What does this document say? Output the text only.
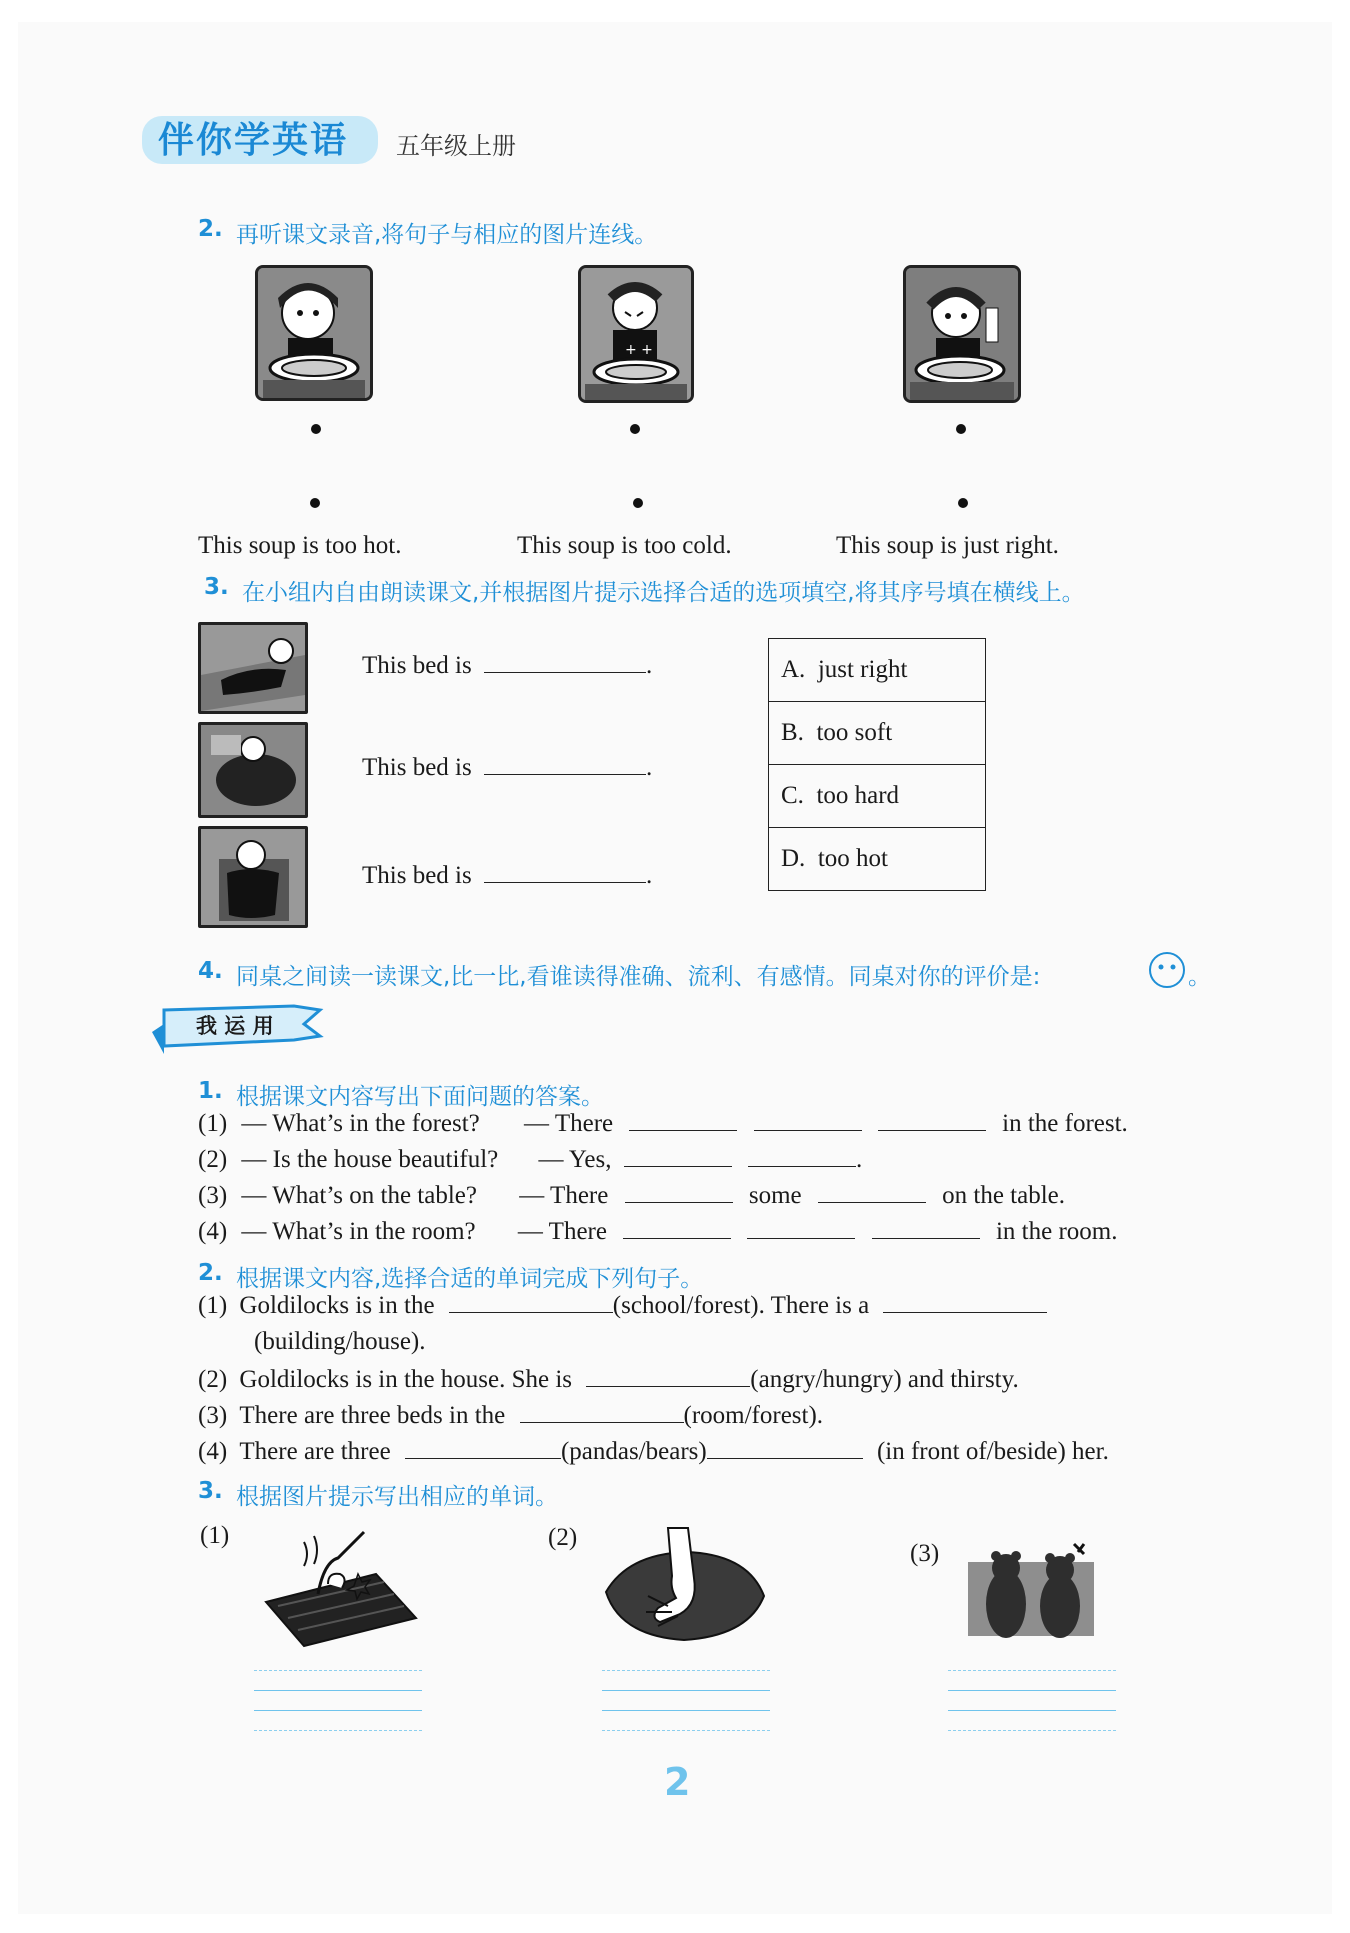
伴你学英语 五年级上册
2. 再听课文录音,将句子与相应的图片连线。
+ +
This soup is too hot.	This soup is too cold.	This soup is just right.
3. 在小组内自由朗读课文,并根据图片提示选择合适的选项填空,将其序号填在横线上。
This bed is	.
This bed is	.
This bed is	.
A. just right
B. too soft
C. too hard
D. too hot
4. 同桌之间读一读课文,比一比,看谁读得准确、流利、有感情。同桌对你的评价是:	。
我 运 用
1. 根据课文内容写出下面问题的答案。
(1) — What’s in the forest? — There	in the forest.
(2) — Is the house beautiful? — Yes,	.
(3) — What’s on the table? — There	some	on the table.
(4) — What’s in the room? — There	in the room.
2. 根据课文内容,选择合适的单词完成下列句子。
(1) Goldilocks is in the	(school/forest). There is a
(building/house).
(2) Goldilocks is in the house. She is	(angry/hungry) and thirsty.
(3) There are three beds in the	(room/forest).
(4) There are three	(pandas/bears)	(in front of/beside) her.
3. 根据图片提示写出相应的单词。
(1)	(2)
(3)
2
